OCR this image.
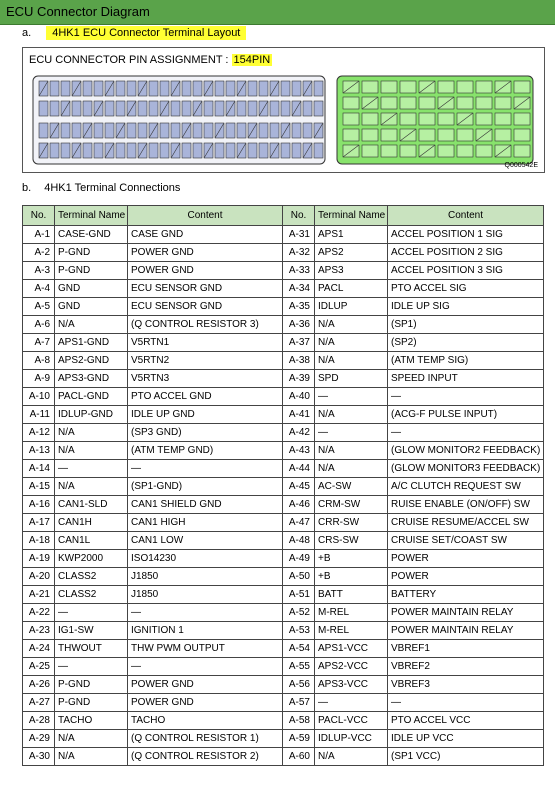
ECU Connector Diagram
a. 4HK1 ECU Connector Terminal Layout
ECU CONNECTOR PIN ASSIGNMENT : 154PIN
Q000542E
b. 4HK1 Terminal Connections
No.	Terminal Name	Content	No.	Terminal Name	Content
A-1	CASE-GND	CASE GND	A-31	APS1	ACCEL POSITION 1 SIG
A-2	P-GND	POWER GND	A-32	APS2	ACCEL POSITION 2 SIG
A-3	P-GND	POWER GND	A-33	APS3	ACCEL POSITION 3 SIG
A-4	GND	ECU SENSOR GND	A-34	PACL	PTO ACCEL SIG
A-5	GND	ECU SENSOR GND	A-35	IDLUP	IDLE UP SIG
A-6	N/A	(Q CONTROL RESISTOR 3)	A-36	N/A	(SP1)
A-7	APS1-GND	V5RTN1	A-37	N/A	(SP2)
A-8	APS2-GND	V5RTN2	A-38	N/A	(ATM TEMP SIG)
A-9	APS3-GND	V5RTN3	A-39	SPD	SPEED INPUT
A-10	PACL-GND	PTO ACCEL GND	A-40	—	—
A-11	IDLUP-GND	IDLE UP GND	A-41	N/A	(ACG-F PULSE INPUT)
A-12	N/A	(SP3 GND)	A-42	—	—
A-13	N/A	(ATM TEMP GND)	A-43	N/A	(GLOW MONITOR2 FEEDBACK)
A-14	—	—	A-44	N/A	(GLOW MONITOR3 FEEDBACK)
A-15	N/A	(SP1-GND)	A-45	AC-SW	A/C CLUTCH REQUEST SW
A-16	CAN1-SLD	CAN1 SHIELD GND	A-46	CRM-SW	RUISE ENABLE (ON/OFF) SW
A-17	CAN1H	CAN1 HIGH	A-47	CRR-SW	CRUISE RESUME/ACCEL SW
A-18	CAN1L	CAN1 LOW	A-48	CRS-SW	CRUISE SET/COAST SW
A-19	KWP2000	ISO14230	A-49	+B	POWER
A-20	CLASS2	J1850	A-50	+B	POWER
A-21	CLASS2	J1850	A-51	BATT	BATTERY
A-22	—	—	A-52	M-REL	POWER MAINTAIN RELAY
A-23	IG1-SW	IGNITION 1	A-53	M-REL	POWER MAINTAIN RELAY
A-24	THWOUT	THW PWM OUTPUT	A-54	APS1-VCC	VBREF1
A-25	—	—	A-55	APS2-VCC	VBREF2
A-26	P-GND	POWER GND	A-56	APS3-VCC	VBREF3
A-27	P-GND	POWER GND	A-57	—	—
A-28	TACHO	TACHO	A-58	PACL-VCC	PTO ACCEL VCC
A-29	N/A	(Q CONTROL RESISTOR 1)	A-59	IDLUP-VCC	IDLE UP VCC
A-30	N/A	(Q CONTROL RESISTOR 2)	A-60	N/A	(SP1 VCC)
